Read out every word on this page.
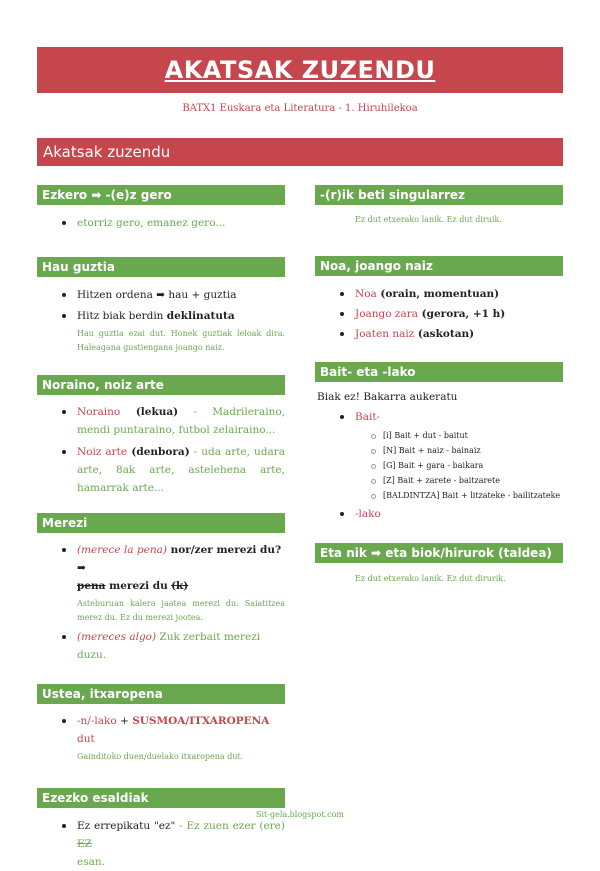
AKATSAK ZUZENDU
BATX1 Euskara eta Literatura - 1. Hiruhilekoa
Akatsak zuzendu
Ezkero ➡ -(e)z gero
etorriz gero, emanez gero...
Hau guztia
Hitzen ordena ➡ hau + guztia
Hitz biak berdin deklinatuta
Hau guztia ezai dut. Honek guztiak leloak dira. Haleagana gustiengana joango naiz.
Noraino, noiz arte
Noraino (lekua) - Madrileraino, mendi puntaraino, futbol zelairaino...
Noiz arte (denbora) - uda arte, udara arte, 8ak arte, astelehena arte, hamarrak arte...
Merezi
(merece la pena) nor/zer merezi du? ➡
pena merezi du (k)
Asteburuan kalera jaatea merezi du. Saiatitzea merez du. Ez du merezi jootea.
(mereces algo) Zuk zerbait merezi duzu.
Ustea, itxaropena
-n/-lako + SUSMOA/ITXAROPENA dut
Gainditoko duen/duelako itxaropena dut.
Ezezko esaldiak
Ez errepikatu "ez" - Ez zuen ezer (ere) EZ
esan.
-(r)ik beti singularrez
Ez dut etxerako lanik. Ez dut diruik.
Noa, joango naiz
Noa (orain, momentuan)
Joango zara (gerora, +1 h)
Joaten naiz (askotan)
Bait- eta -lako
Biak ez! Bakarra aukeratu
Bait-
[i] Bait + dut - baitut
[N] Bait + naiz - bainaiz
[G] Bait + gara - baikara
[Z] Bait + zarete - baitzarete
[BALDINTZA] Bait + litzateke - bailitzateke
-lako
Eta nik ➡ eta biok/hirurok (taldea)
Ez dut etxerako lanik. Ez dut dirurik.
Sit-gela.blogspot.com
